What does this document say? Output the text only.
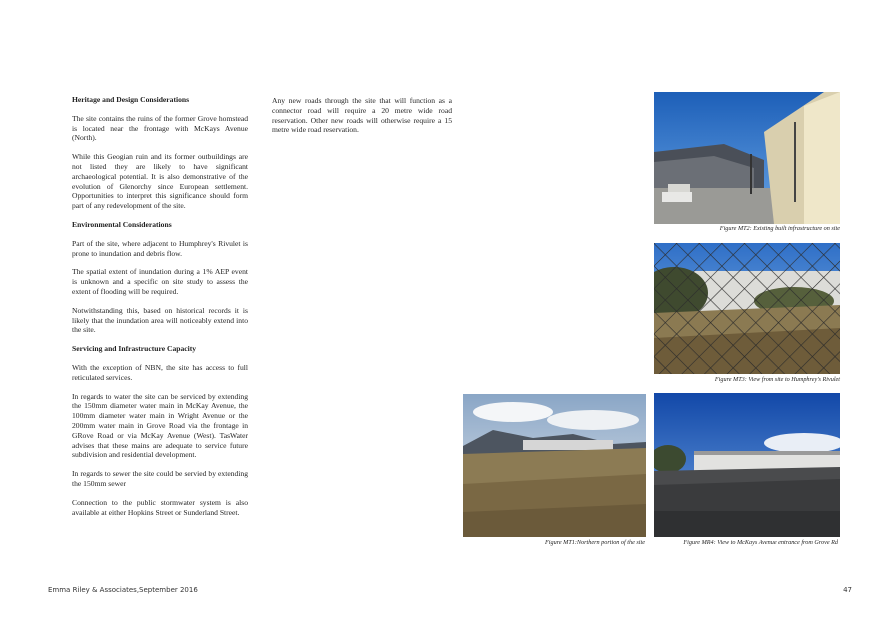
Heritage and Design Considerations

The site contains the ruins of the former Grove homstead is located near the frontage with McKays Avenue (North).

While this Geogian ruin and its former outbuildings are not listed they are likely to have significant archaeological potential. It is also demonstrative of the evolution of Glenorchy since European settlement. Opportunities to interpret this significance should form part of any redevelopment of the site.

Environmental Considerations

Part of the site, where adjacent to Humphrey's Rivulet is prone to inundation and debris flow.

The spatial extent of inundation during a 1% AEP event is unknown and a specific on site study to assess the extent of flooding will be required.

Notwithstanding this, based on historical records it is likely that the inundation area will noticeably extend into the site.

Servicing and Infrastructure Capacity

With the exception of NBN, the site has access to full reticulated services.

In regards to water the site can be serviced by extending the 150mm diameter water main in McKay Avenue, the 100mm diameter water main in Wright Avenue or the 200mm water main in Grove Road via the frontage in GRove Road or via McKay Avenue (West). TasWater advises that these mains are adequate to service future subdivision and residential development.

In regards to sewer the site could be servied by extending the 150mm sewer

Connection to the public stormwater system is also available at either Hopkins Street or Sunderland Street.

Any new roads through the site that will function as a connector road will require a 20 metre wide road reservation. Other new roads will otherwise require a 15 metre wide road reservation.

Figure MT2: Existing built infrastructure on site
Figure MT3: View from site to Humphrey's Rivulet
Figure MT1:Northern portion of the site	Figure MR4: View to McKays Avenue entrance from Grove Rd
Emma Riley & Associates,September 2016	47
